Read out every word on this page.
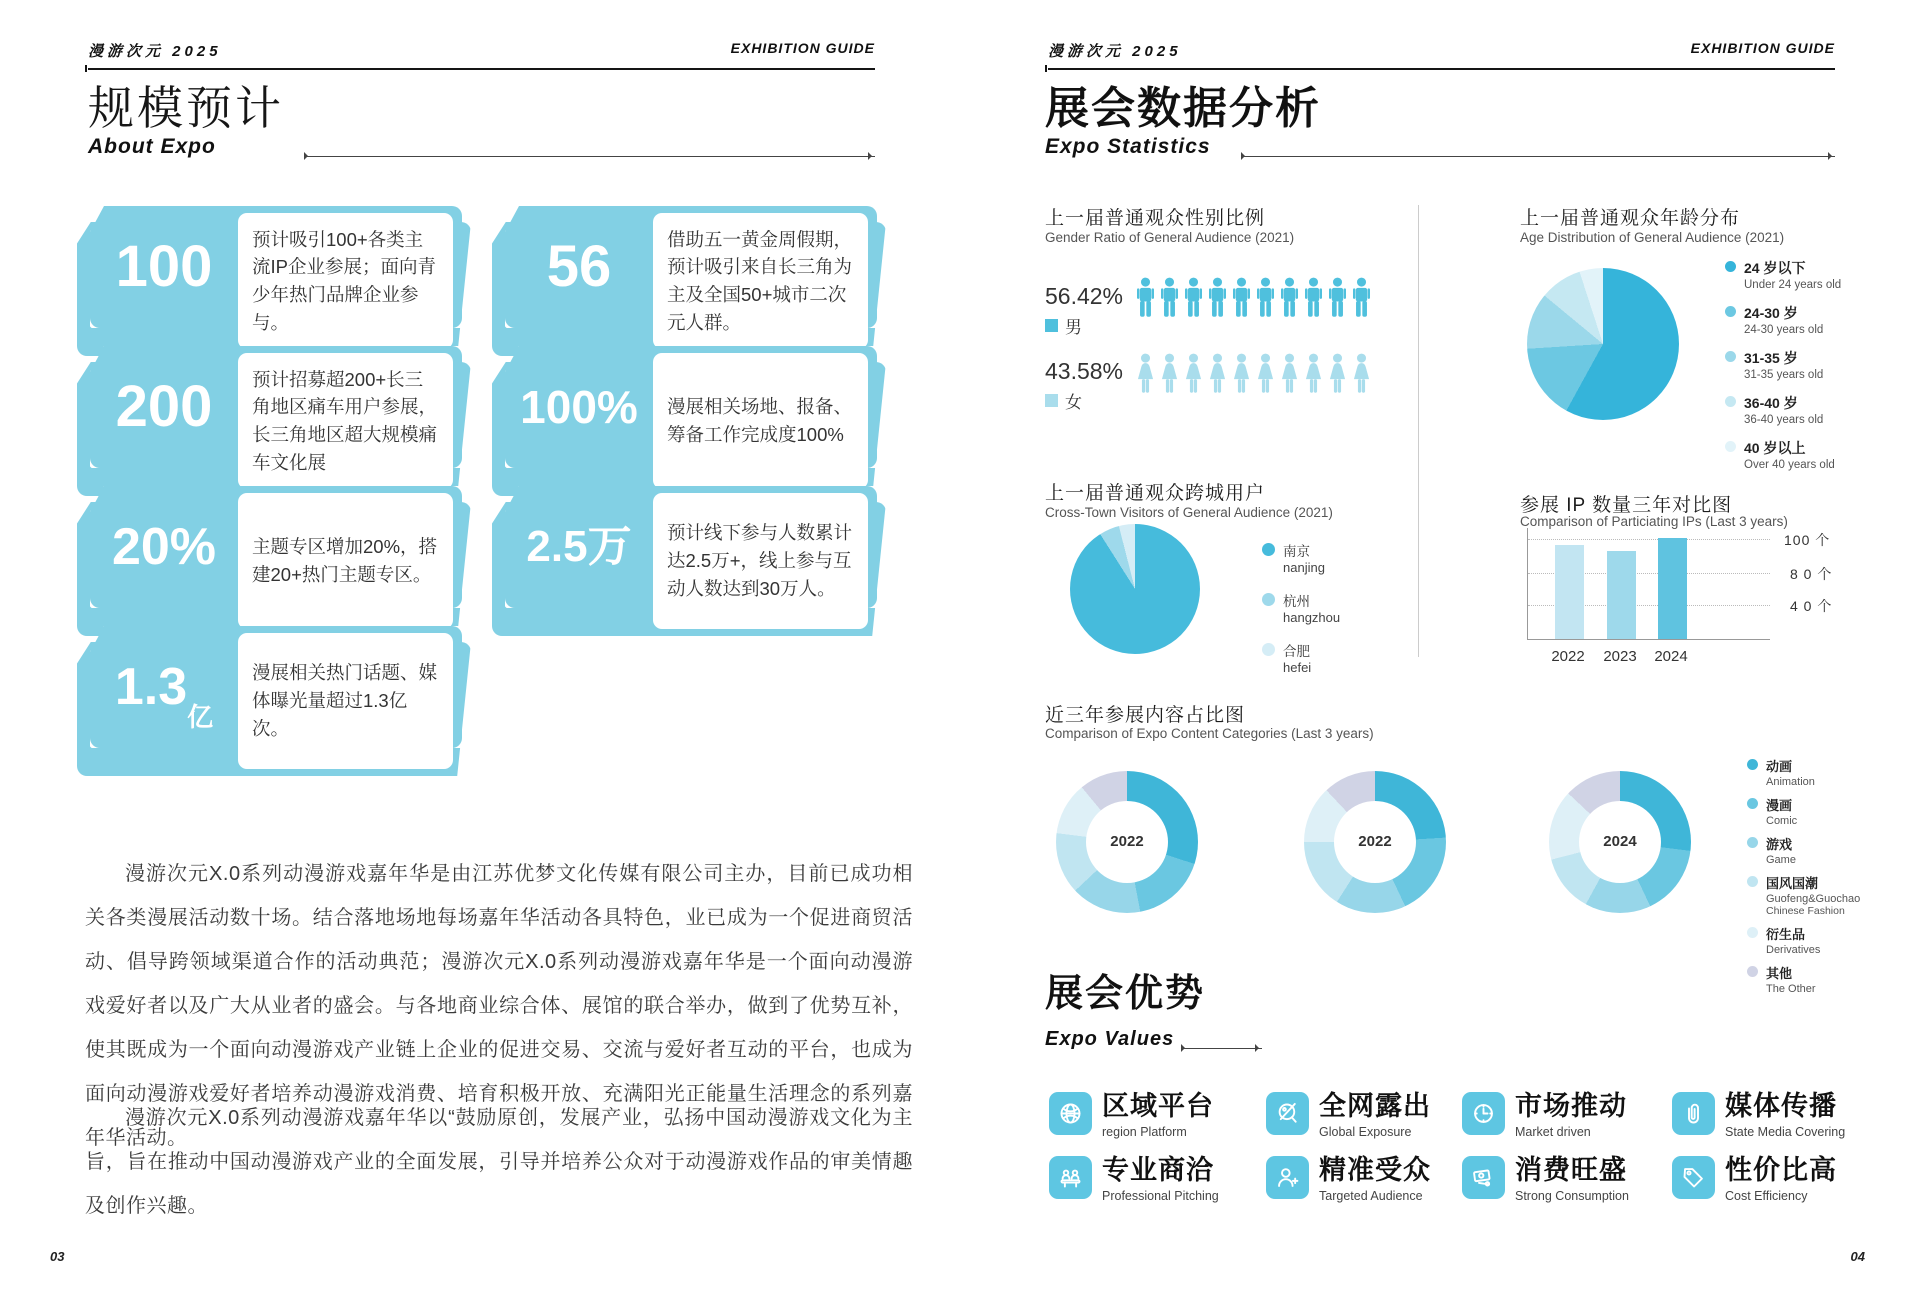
漫游次元 2025	EXHIBITION GUIDE
规模预计
About Expo
100 预计吸引100+各类主流IP企业参展；面向青少年热门品牌企业参与。
56	借助五一黄金周假期，预计吸引来自长三角为主及全国50+城市二次元人群。
200 预计招募超200+长三角地区痛车用户参展，长三角地区超大规模痛车文化展
100% 漫展相关场地、报备、筹备工作完成度100%
20% 主题专区增加20%，搭建20+热门主题专区。
2.5万 预计线下参与人数累计达2.5万+，线上参与互动人数达到30万人。
1.3
亿
漫展相关热门话题、媒体曝光量超过1.3亿次。

漫游次元X.0系列动漫游戏嘉年华是由江苏优梦文化传媒有限公司主办，目前已成功相关各类漫展活动数十场。结合落地场地每场嘉年华活动各具特色，业已成为一个促进商贸活动、倡导跨领域渠道合作的活动典范；漫游次元X.0系列动漫游戏嘉年华是一个面向动漫游戏爱好者以及广大从业者的盛会。与各地商业综合体、展馆的联合举办，做到了优势互补，使其既成为一个面向动漫游戏产业链上企业的促进交易、交流与爱好者互动的平台，也成为面向动漫游戏爱好者培养动漫游戏消费、培育积极开放、充满阳光正能量生活理念的系列嘉年华活动。

漫游次元X.0系列动漫游戏嘉年华以“鼓励原创，发展产业，弘扬中国动漫游戏文化为主旨，旨在推动中国动漫游戏产业的全面发展，引导并培养公众对于动漫游戏作品的审美情趣及创作兴趣。

03
漫游次元 2025	EXHIBITION GUIDE
展会数据分析
Expo Statistics
上一届普通观众性别比例
Gender Ratio of General Audience (2021)
56.42%
男
43.58%
女
上一届普通观众年龄分布
Age Distribution of General Audience (2021)
24 岁以下
Under 24 years old
24-30 岁
24-30 years old
31-35 岁
31-35 years old
36-40 岁
36-40 years old
40 岁以上
Over 40 years old
上一届普通观众跨城用户
Cross-Town Visitors of General Audience (2021)
南京
nanjing
杭州
hangzhou
合肥
hefei
参展 IP 数量三年对比图
Comparison of Particiating IPs (Last 3 years)
100 个
8 0 个
4 0 个
2022	2023	2024
近三年参展内容占比图
Comparison of Expo Content Categories (Last 3 years)
2022	2022	2024
动画
Animation
漫画
Comic
游戏
Game
国风国潮
Guofeng&Guochao
Chinese Fashion
衍生品
Derivatives
其他
The Other
展会优势
Expo Values
区域平台
region Platform
全网露出
Global Exposure
市场推动
Market driven
媒体传播
State Media Covering
专业商洽
Professional Pitching
精准受众
Targeted Audience
消费旺盛
Strong Consumption
性价比高
Cost Efficiency
04
